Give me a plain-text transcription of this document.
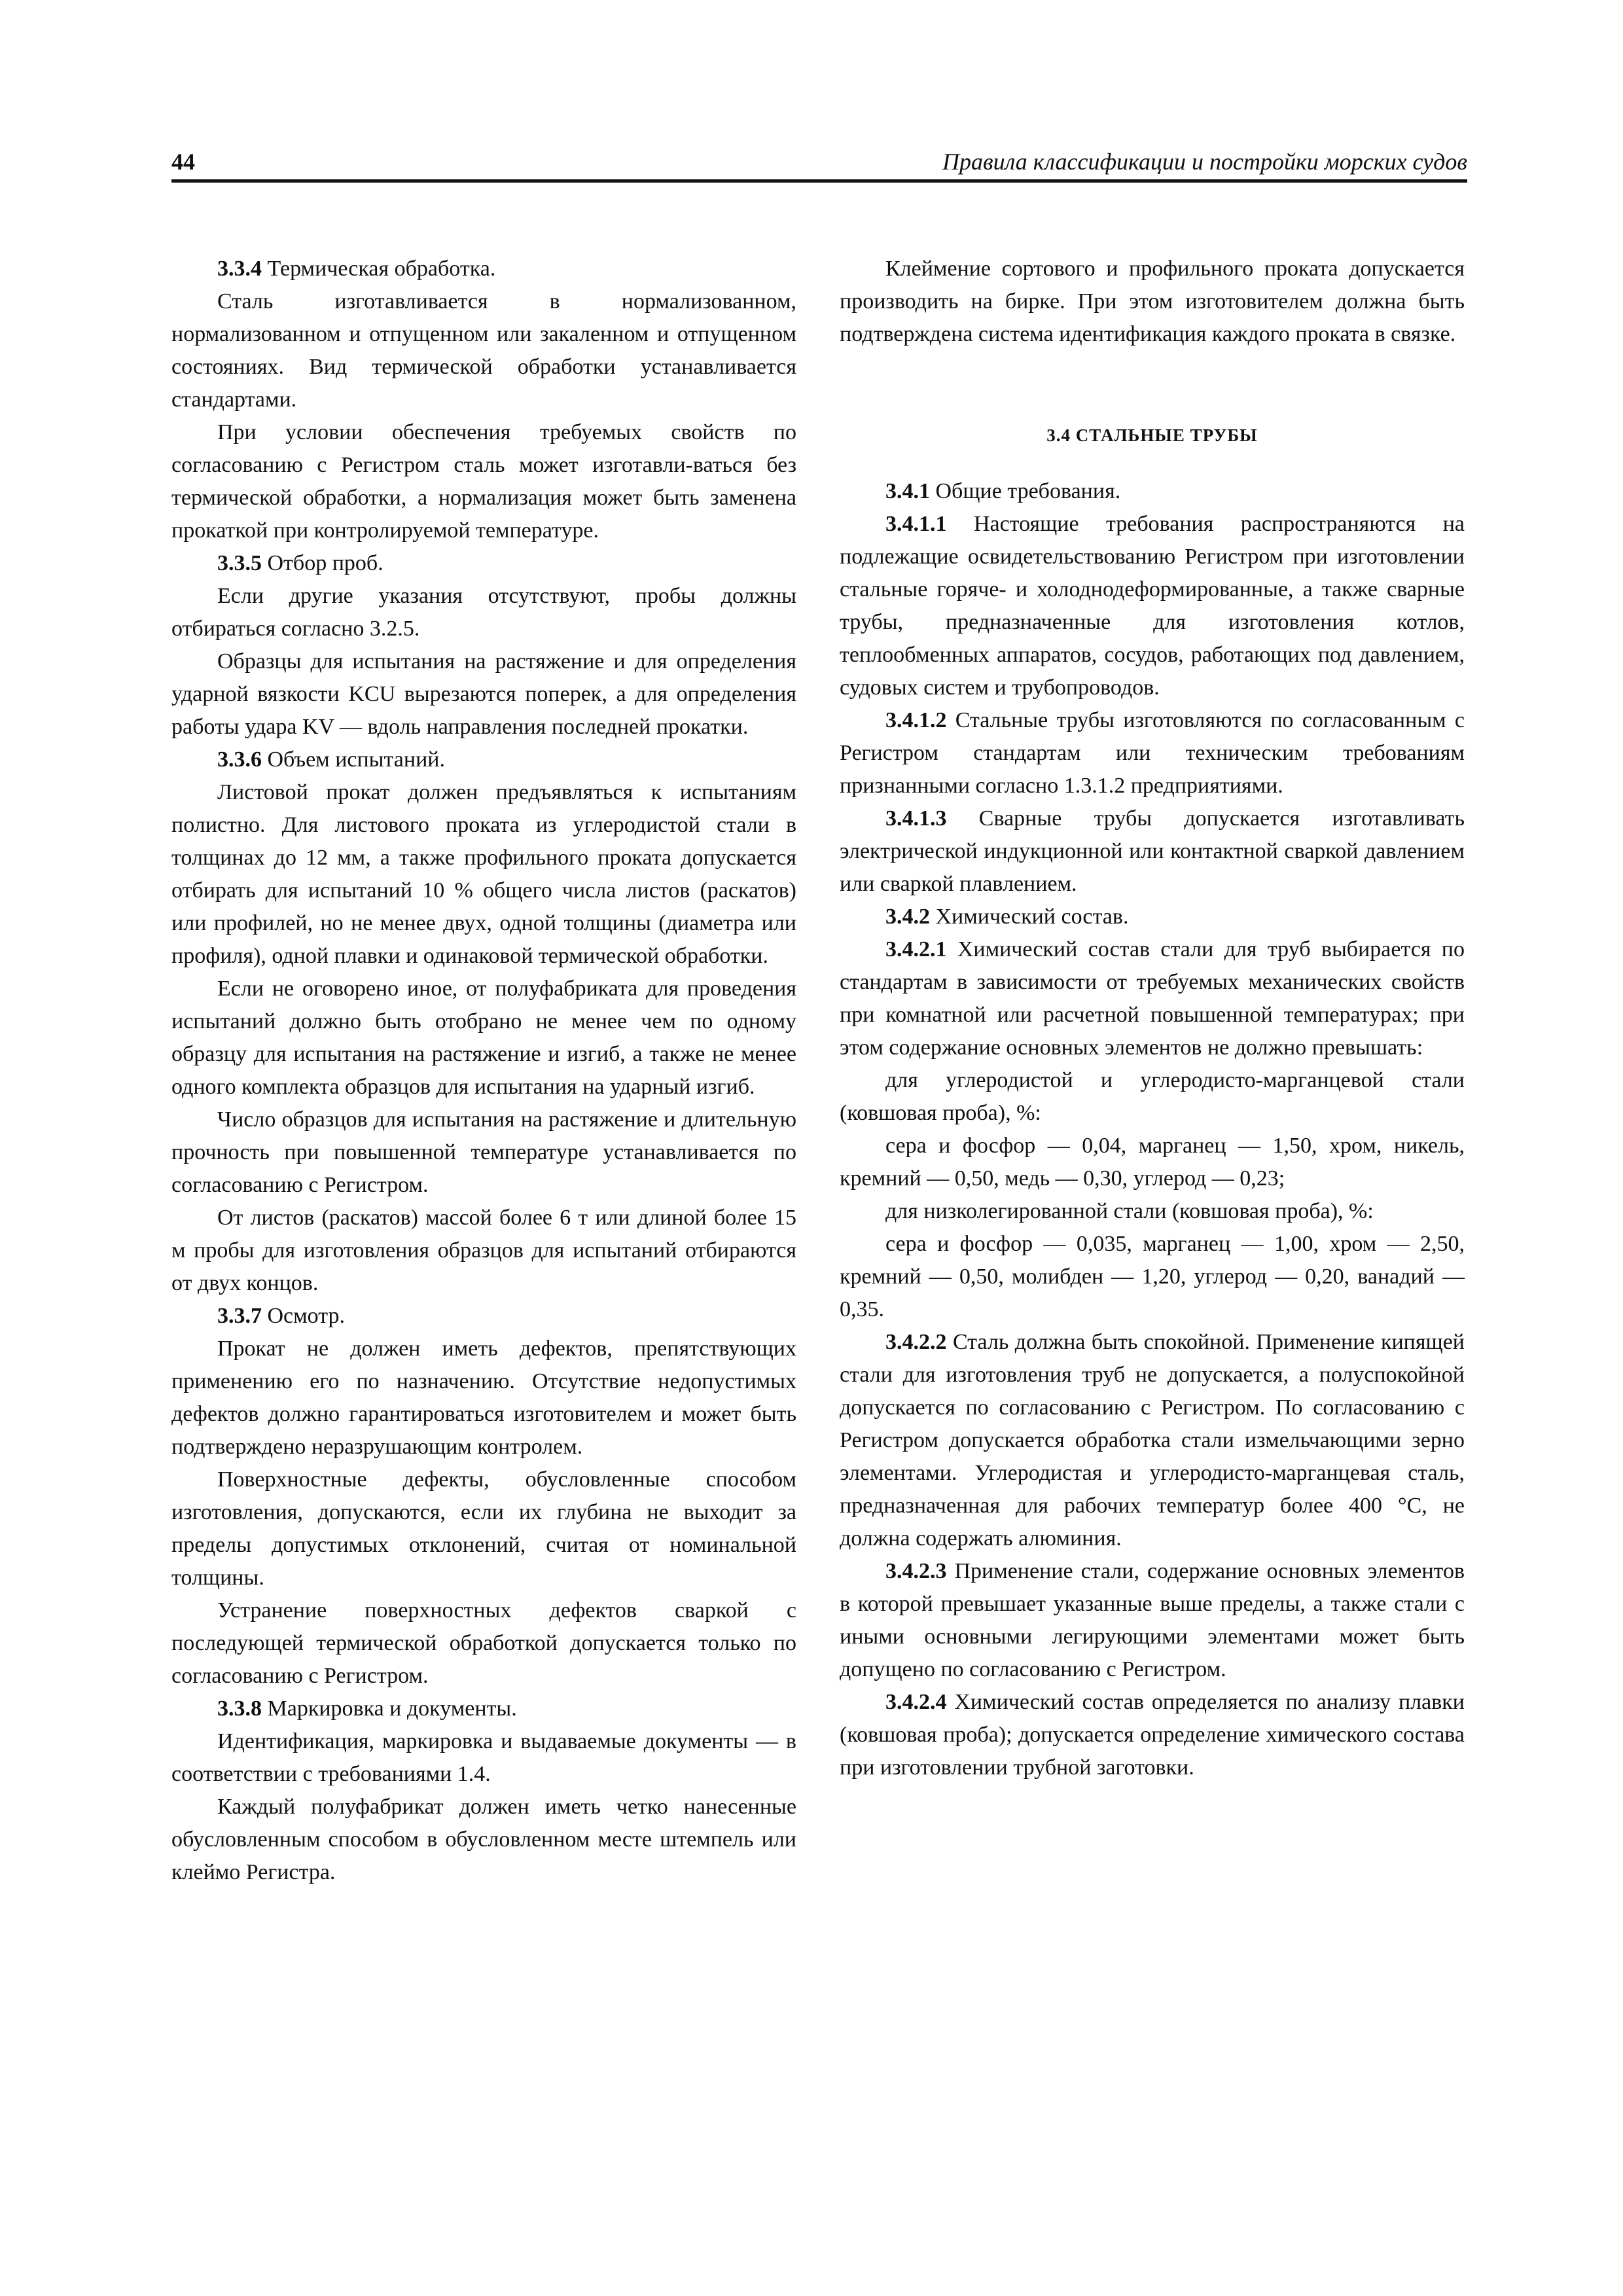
44	Правила классификации и постройки морских судов

3.3.4 Термическая обработка.

Сталь изготавливается в нормализованном, нормализованном и отпущенном или закаленном и отпущенном состояниях. Вид термической обработки устанавливается стандартами.

При условии обеспечения требуемых свойств по согласованию с Регистром сталь может изготавли-ваться без термической обработки, а нормализация может быть заменена прокаткой при контролируемой температуре.

3.3.5 Отбор проб.

Если другие указания отсутствуют, пробы должны отбираться согласно 3.2.5.

Образцы для испытания на растяжение и для определения ударной вязкости KCU вырезаются поперек, а для определения работы удара KV — вдоль направления последней прокатки.

3.3.6 Объем испытаний.

Листовой прокат должен предъявляться к испытаниям полистно. Для листового проката из углеродистой стали в толщинах до 12 мм, а также профильного проката допускается отбирать для испытаний 10 % общего числа листов (раскатов) или профилей, но не менее двух, одной толщины (диаметра или профиля), одной плавки и одинаковой термической обработки.

Если не оговорено иное, от полуфабриката для проведения испытаний должно быть отобрано не менее чем по одному образцу для испытания на растяжение и изгиб, а также не менее одного комплекта образцов для испытания на ударный изгиб.

Число образцов для испытания на растяжение и длительную прочность при повышенной температуре устанавливается по согласованию с Регистром.

От листов (раскатов) массой более 6 т или длиной более 15 м пробы для изготовления образцов для испытаний отбираются от двух концов.

3.3.7 Осмотр.

Прокат не должен иметь дефектов, препятствующих применению его по назначению. Отсутствие недопустимых дефектов должно гарантироваться изготовителем и может быть подтверждено неразрушающим контролем.

Поверхностные дефекты, обусловленные способом изготовления, допускаются, если их глубина не выходит за пределы допустимых отклонений, считая от номинальной толщины.

Устранение поверхностных дефектов сваркой с последующей термической обработкой допускается только по согласованию с Регистром.

3.3.8 Маркировка и документы.

Идентификация, маркировка и выдаваемые документы — в соответствии с требованиями 1.4.

Каждый полуфабрикат должен иметь четко нанесенные обусловленным способом в обусловленном месте штемпель или клеймо Регистра.

Клеймение сортового и профильного проката допускается производить на бирке. При этом изготовителем должна быть подтверждена система идентификация каждого проката в связке.

3.4 СТАЛЬНЫЕ ТРУБЫ

3.4.1 Общие требования.

3.4.1.1 Настоящие требования распространяются на подлежащие освидетельствованию Регистром при изготовлении стальные горяче- и холоднодеформированные, а также сварные трубы, предназначенные для изготовления котлов, теплообменных аппаратов, сосудов, работающих под давлением, судовых систем и трубопроводов.

3.4.1.2 Стальные трубы изготовляются по согласованным с Регистром стандартам или техническим требованиям признанными согласно 1.3.1.2 предприятиями.

3.4.1.3 Сварные трубы допускается изготавливать электрической индукционной или контактной сваркой давлением или сваркой плавлением.

3.4.2 Химический состав.

3.4.2.1 Химический состав стали для труб выбирается по стандартам в зависимости от требуемых механических свойств при комнатной или расчетной повышенной температурах; при этом содержание основных элементов не должно превышать:

для углеродистой и углеродисто-марганцевой стали (ковшовая проба), %:

сера и фосфор — 0,04, марганец — 1,50, хром, никель, кремний — 0,50, медь — 0,30, углерод — 0,23;

для низколегированной стали (ковшовая проба), %:

сера и фосфор — 0,035, марганец — 1,00, хром — 2,50, кремний — 0,50, молибден — 1,20, углерод — 0,20, ванадий — 0,35.

3.4.2.2 Сталь должна быть спокойной. Применение кипящей стали для изготовления труб не допускается, а полуспокойной допускается по согласованию с Регистром. По согласованию с Регистром допускается обработка стали измельчающими зерно элементами. Углеродистая и углеродисто-марганцевая сталь, предназначенная для рабочих температур более 400 °С, не должна содержать алюминия.

3.4.2.3 Применение стали, содержание основных элементов в которой превышает указанные выше пределы, а также стали с иными основными легирующими элементами может быть допущено по согласованию с Регистром.

3.4.2.4 Химический состав определяется по анализу плавки (ковшовая проба); допускается определение химического состава при изготовлении трубной заготовки.
